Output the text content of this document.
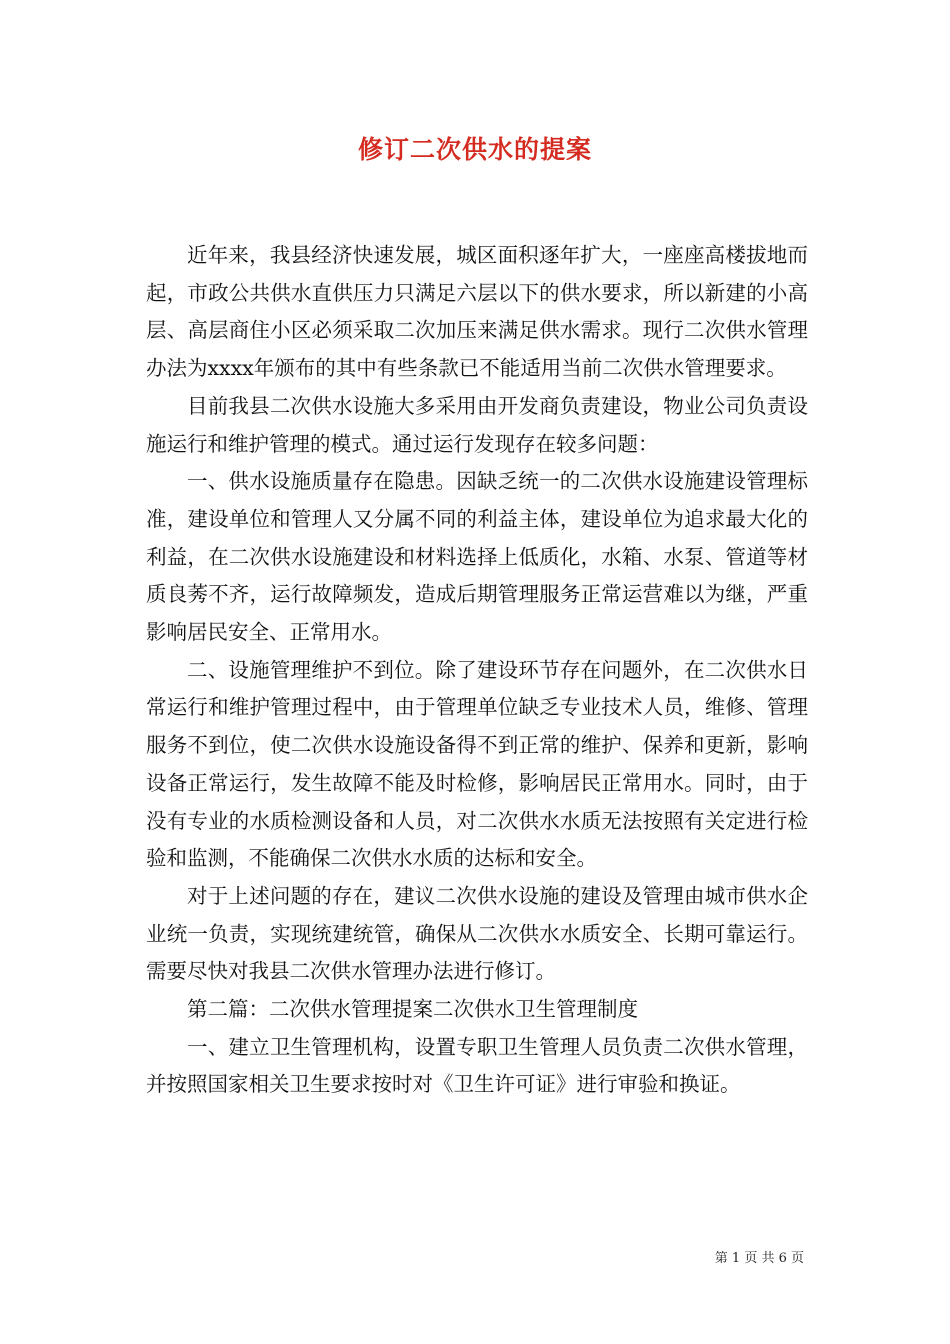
修订二次供水的提案

近年来，我县经济快速发展，城区面积逐年扩大，一座座高楼拔地而起，市政公共供水直供压力只满足六层以下的供水要求，所以新建的小高层、高层商住小区必须采取二次加压来满足供水需求。现行二次供水管理办法为xxxx年颁布的其中有些条款已不能适用当前二次供水管理要求。

目前我县二次供水设施大多采用由开发商负责建设，物业公司负责设施运行和维护管理的模式。通过运行发现存在较多问题：

一、供水设施质量存在隐患。因缺乏统一的二次供水设施建设管理标准，建设单位和管理人又分属不同的利益主体，建设单位为追求最大化的利益，在二次供水设施建设和材料选择上低质化，水箱、水泵、管道等材质良莠不齐，运行故障频发，造成后期管理服务正常运营难以为继，严重影响居民安全、正常用水。

二、设施管理维护不到位。除了建设环节存在问题外，在二次供水日常运行和维护管理过程中，由于管理单位缺乏专业技术人员，维修、管理服务不到位，使二次供水设施设备得不到正常的维护、保养和更新，影响设备正常运行，发生故障不能及时检修，影响居民正常用水。同时，由于没有专业的水质检测设备和人员，对二次供水水质无法按照有关定进行检验和监测，不能确保二次供水水质的达标和安全。

对于上述问题的存在，建议二次供水设施的建设及管理由城市供水企业统一负责，实现统建统管，确保从二次供水水质安全、长期可靠运行。需要尽快对我县二次供水管理办法进行修订。

第二篇：二次供水管理提案二次供水卫生管理制度

一、建立卫生管理机构，设置专职卫生管理人员负责二次供水管理，并按照国家相关卫生要求按时对《卫生许可证》进行审验和换证。

第 1 页 共 6 页
